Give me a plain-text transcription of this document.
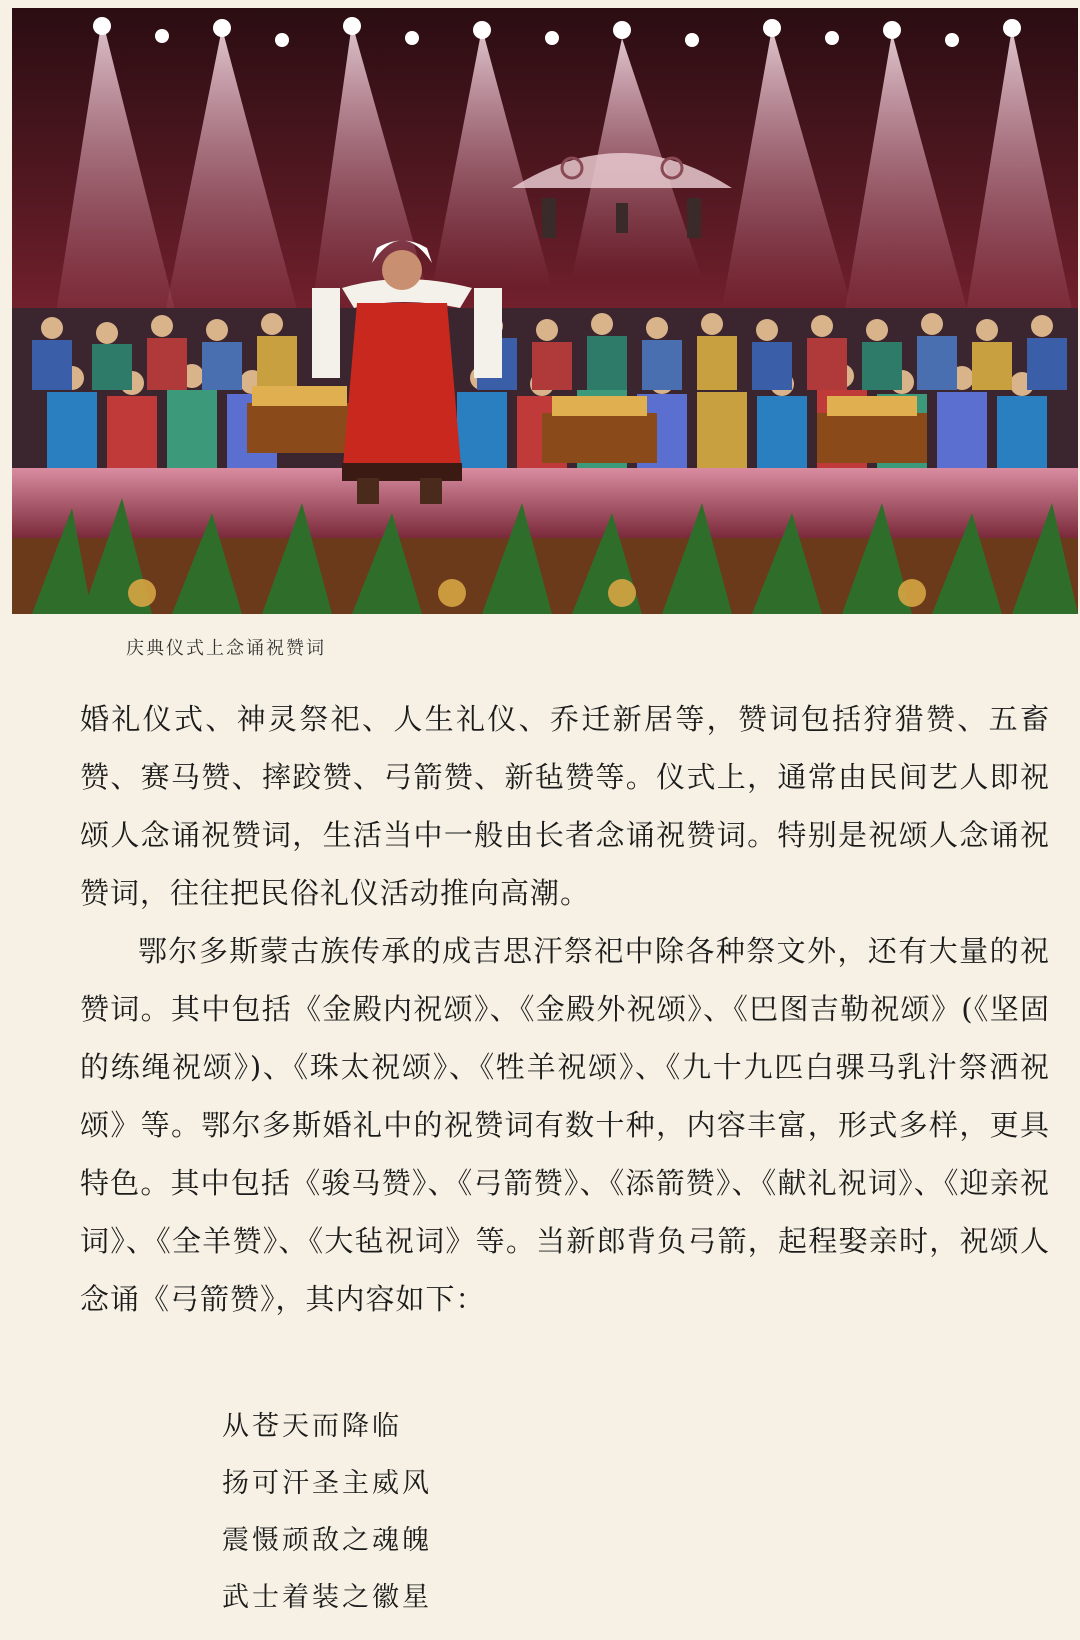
庆典仪式上念诵祝赞词

婚礼仪式、神灵祭祀、人生礼仪、乔迁新居等，赞词包括狩猎赞、五畜赞、赛马赞、摔跤赞、弓箭赞、新毡赞等。仪式上，通常由民间艺人即祝颂人念诵祝赞词，生活当中一般由长者念诵祝赞词。特别是祝颂人念诵祝赞词，往往把民俗礼仪活动推向高潮。

鄂尔多斯蒙古族传承的成吉思汗祭祀中除各种祭文外，还有大量的祝赞词。其中包括《金殿内祝颂》、《金殿外祝颂》、《巴图吉勒祝颂》(《坚固的练绳祝颂》)、《珠太祝颂》、《牲羊祝颂》、《九十九匹白骒马乳汁祭洒祝颂》等。鄂尔多斯婚礼中的祝赞词有数十种，内容丰富，形式多样，更具特色。其中包括《骏马赞》、《弓箭赞》、《添箭赞》、《献礼祝词》、《迎亲祝词》、《全羊赞》、《大毡祝词》等。当新郎背负弓箭，起程娶亲时，祝颂人念诵《弓箭赞》，其内容如下：

从苍天而降临
扬可汗圣主威风
震慑顽敌之魂魄
武士着装之徽星
